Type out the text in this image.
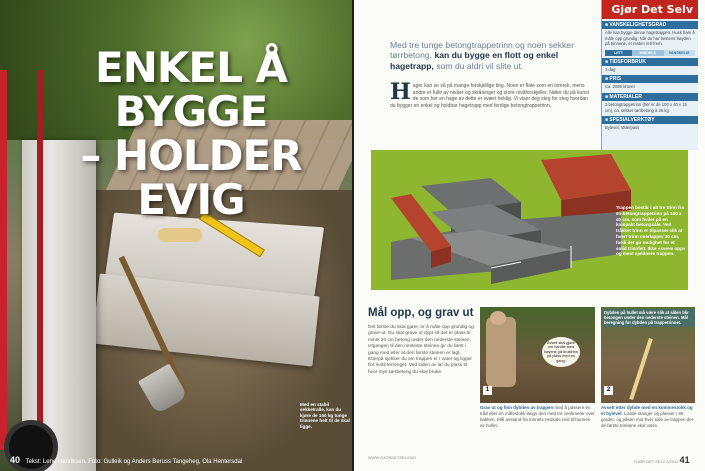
ENKEL Å BYGGE
– HOLDER EVIG
Med en stabil sekketralle, kan du kjøre de 150 kg tunge trinnene helt til de skal ligge.
40 Tekst: Lene Henriksen. Foto: Gulleik og Anders Beruss Tangeheg, Ola Hentersdal
Med tre tunge betongtrappetrinn og noen sekker tørrbetong, kan du bygge en flott og enkel hagetrapp, som du aldri vil slite ut.
H ager kan se så på mange forskjellige ting. Noen er flate som en tomrek, mens andre er fulle av nivåer og skråninger og store nivåforskjeller. Nøter du på kunst de som her en hage av dette er svært heldig. Vi viser deg steg for steg hvordan du bygger en enkel og holdbar hagetrapp med ferdige betongtrappetrinn.

Gjør Det Selv
■ VANSKELIGHETSGRAD
Alle kan bygge denne hagetrappen. Husk bare å måle opp grundig. Når du har bestemt høyden på trinnene, er resten rett frem.
LETT	MIDDELS	VANSKELIG
■ TIDSFORBRUK
1 dag
■ PRIS
Ca. 2000 kroner
■ MATERIALER
3 betongtrappetrinn (her er de 100 x 40 x 15 cm), ca. sekker tørrbetong à 25 kg
■ SPESIALVERKTØY
Bylevel, Vaterpass
Trappen består i alt tre trinn fra en betongtrappetrinn på 100 x 40 cm, som hviler på en kompakt betongsåle. Ved tråkket trinn er tilpasset slik at hvert trinn overlapper 30 cm, fordi det gir mulighet for et solid trinnfelt. Ikke «sveve opp» og mest sjeldnere trappen.
Mål opp, og grav ut
Det første du skal gjøre, er å måle opp grundig og grave ut. Du skal grave ut dypt så det er plass til minst 20 cm betong under den nederste steinen. Utgangen til den nesteste steinen gir du først i gang med eller at den første steinen er lagt. Etterpå sjekker du om trappen er i vater og ligger fint inntil terrenget. Ved siden av lar du plass til hvor mye tørrbetong du skal bruke.
Avsett skal gjøre om handle med bøyene på bruktrinn på plass med en gang.
1
Dybden på hullet må være slik at sålen blir betongen under den nederste steinen. Mål beregning for dybden på trappetrinnet.
2
Grav ut og finn dybden av trappen med å passere en tråd eller en målestokk langs den med tre centimeter over bakken. Mål avstand fra trinnets nedside ned til bunnen av hullet.
Avsett etter dybde med en kommestokk og et bylevel. Lodde stanger og plasser i 90 grader, og påsen mot hver side av trappen der de første trinnene skal være.
WWW.GJORDETSELV.NO
GJØR DET SELV 3/2012 41
